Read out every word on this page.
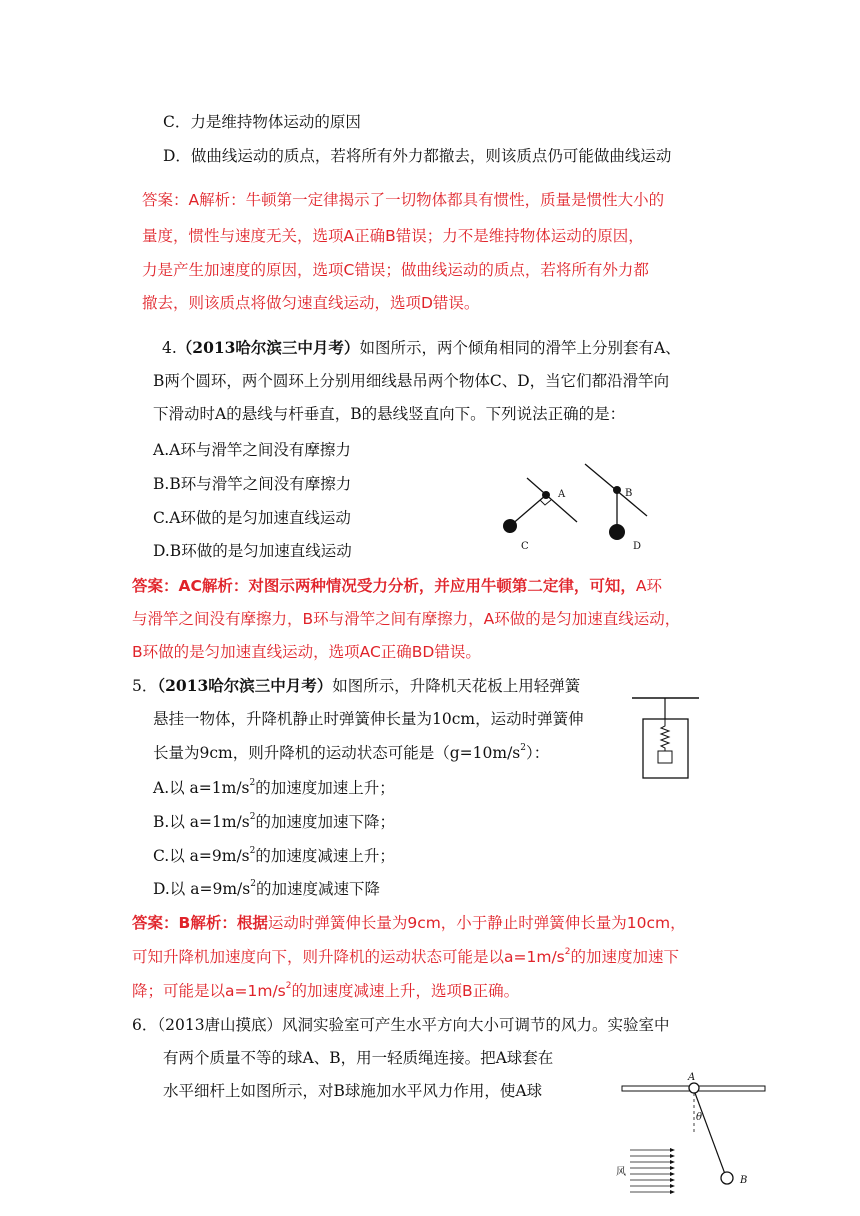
C．力是维持物体运动的原因
D．做曲线运动的质点，若将所有外力都撤去，则该质点仍可能做曲线运动
答案：A解析：牛顿第一定律揭示了一切物体都具有惯性，质量是惯性大小的
量度，惯性与速度无关，选项A正确B错误；力不是维持物体运动的原因，
力是产生加速度的原因，选项C错误；做曲线运动的质点，若将所有外力都
撤去，则该质点将做匀速直线运动，选项D错误。
4.（2013哈尔滨三中月考）如图所示，两个倾角相同的滑竿上分别套有A、
B两个圆环，两个圆环上分别用细线悬吊两个物体C、D，当它们都沿滑竿向
下滑动时A的悬线与杆垂直，B的悬线竖直向下。下列说法正确的是：
A.A环与滑竿之间没有摩擦力
B.B环与滑竿之间没有摩擦力
C.A环做的是匀加速直线运动
D.B环做的是匀加速直线运动
A
C
B
D
答案：AC解析：对图示两种情况受力分析，并应用牛顿第二定律，可知，A环
与滑竿之间没有摩擦力，B环与滑竿之间有摩擦力，A环做的是匀加速直线运动，
B环做的是匀加速直线运动，选项AC正确BD错误。
5．（2013哈尔滨三中月考）如图所示，升降机天花板上用轻弹簧
悬挂一物体，升降机静止时弹簧伸长量为10cm，运动时弹簧伸
长量为9cm，则升降机的运动状态可能是$(g=10m/s^2)$：
A.以 $a=1m/s^2$的加速度加速上升；
B.以 $a=1m/s^2$的加速度加速下降；
C.以 $a=9m/s^2$的加速度减速上升；
D.以 $a=9m/s^2$的加速度减速下降
答案：B解析：根据运动时弹簧伸长量为9cm，小于静止时弹簧伸长量为10cm，
可知升降机加速度向下，则升降机的运动状态可能是以$a=1m/s^2$的加速度加速下
降；可能是以$a=1m/s^2$的加速度减速上升，选项B正确。
6．（2013唐山摸底）风洞实验室可产生水平方向大小可调节的风力。实验室中
有两个质量不等的球A、B，用一轻质绳连接。把A球套在
水平细杆上如图所示，对B球施加水平风力作用，使A球
A
θ
B
风
